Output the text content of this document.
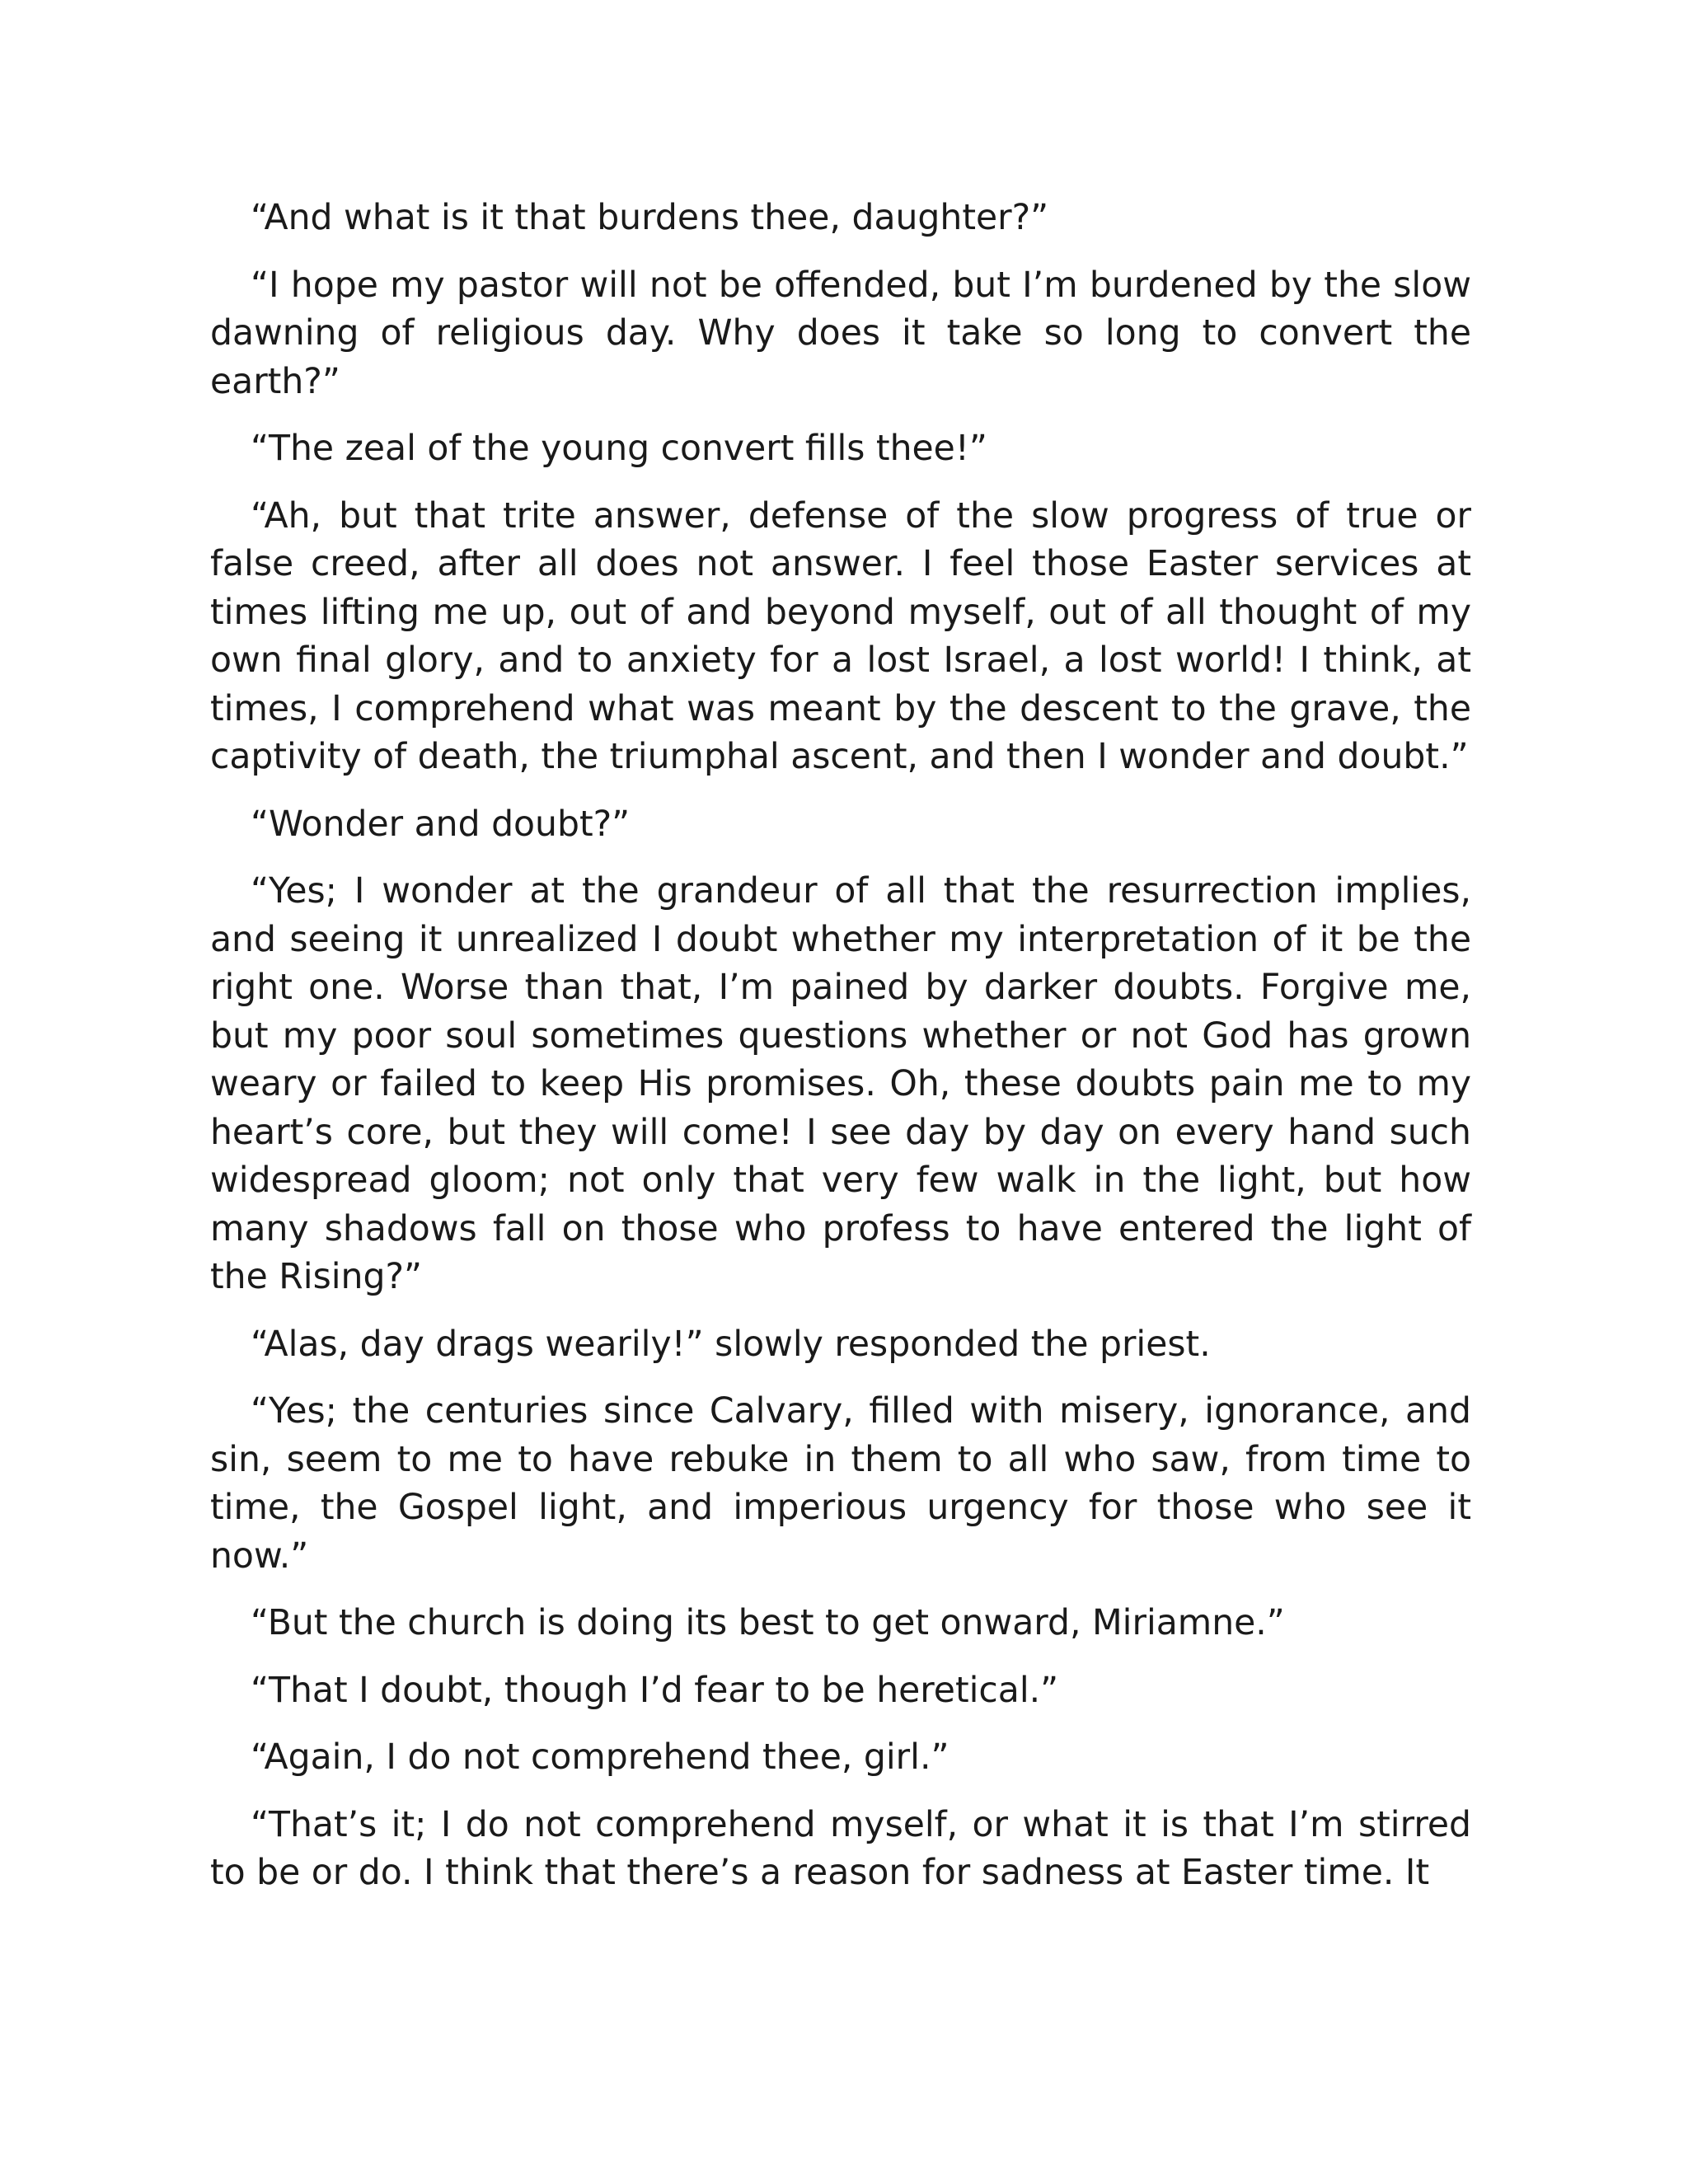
“And what is it that burdens thee, daughter?”

“I hope my pastor will not be offended, but I’m burdened by the slow dawning of religious day. Why does it take so long to convert the earth?”

“The zeal of the young convert fills thee!”

“Ah, but that trite answer, defense of the slow progress of true or false creed, after all does not answer. I feel those Easter services at times lifting me up, out of and beyond myself, out of all thought of my own final glory, and to anxiety for a lost Israel, a lost world! I think, at times, I comprehend what was meant by the descent to the grave, the captivity of death, the triumphal ascent, and then I wonder and doubt.”

“Wonder and doubt?”

“Yes; I wonder at the grandeur of all that the resurrection implies, and seeing it unrealized I doubt whether my interpretation of it be the right one. Worse than that, I’m pained by darker doubts. Forgive me, but my poor soul sometimes questions whether or not God has grown weary or failed to keep His promises. Oh, these doubts pain me to my heart’s core, but they will come! I see day by day on every hand such widespread gloom; not only that very few walk in the light, but how many shadows fall on those who profess to have entered the light of the Rising?”

“Alas, day drags wearily!” slowly responded the priest.

“Yes; the centuries since Calvary, filled with misery, ignorance, and sin, seem to me to have rebuke in them to all who saw, from time to time, the Gospel light, and imperious urgency for those who see it now.”

“But the church is doing its best to get onward, Miriamne.”

“That I doubt, though I’d fear to be heretical.”

“Again, I do not comprehend thee, girl.”

“That’s it; I do not comprehend myself, or what it is that I’m stirred to be or do. I think that there’s a reason for sadness at Easter time. It
